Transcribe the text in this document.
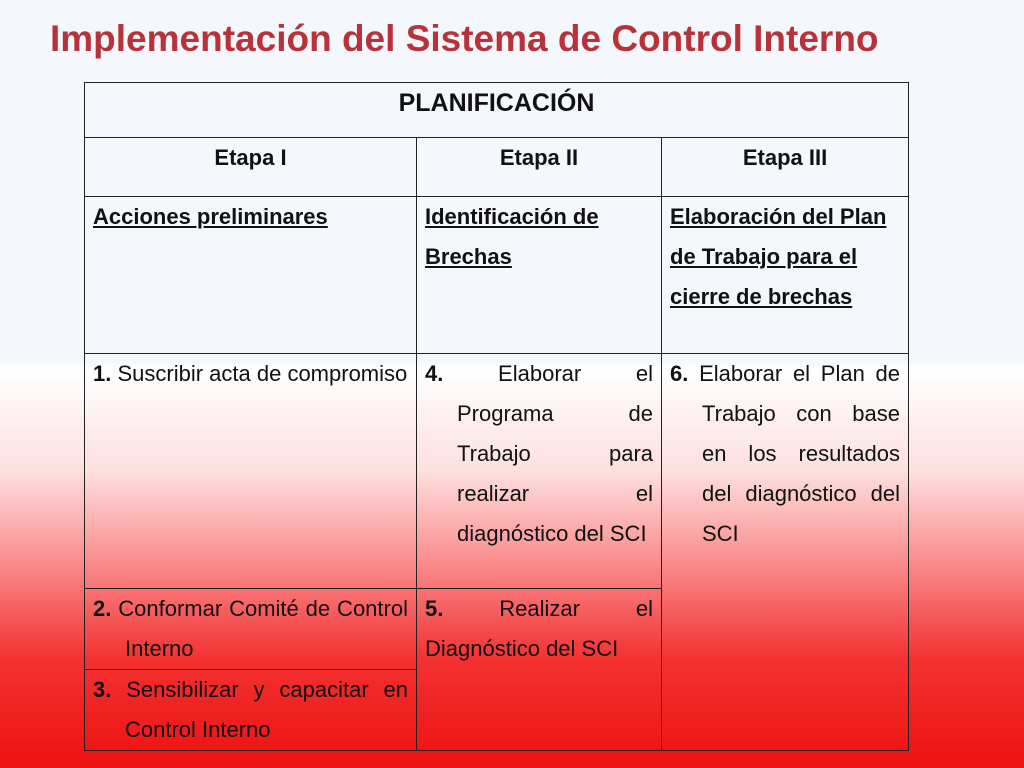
Implementación del Sistema de Control Interno
PLANIFICACIÓN		
Etapa I	Etapa II	Etapa III
Acciones preliminares	Identificación de Brechas	Elaboración del Plan de Trabajo para el cierre de brechas

1. Suscribir acta de compromiso	4. Elaborar el Programa de Trabajo para realizar el diagnóstico del SCI	6. Elaborar el Plan de Trabajo con base en los resultados del diagnóstico del SCI

2. Conformar Comité de Control Interno	5. Realizar el Diagnóstico del SCI	

3. Sensibilizar y capacitar en Control Interno		
